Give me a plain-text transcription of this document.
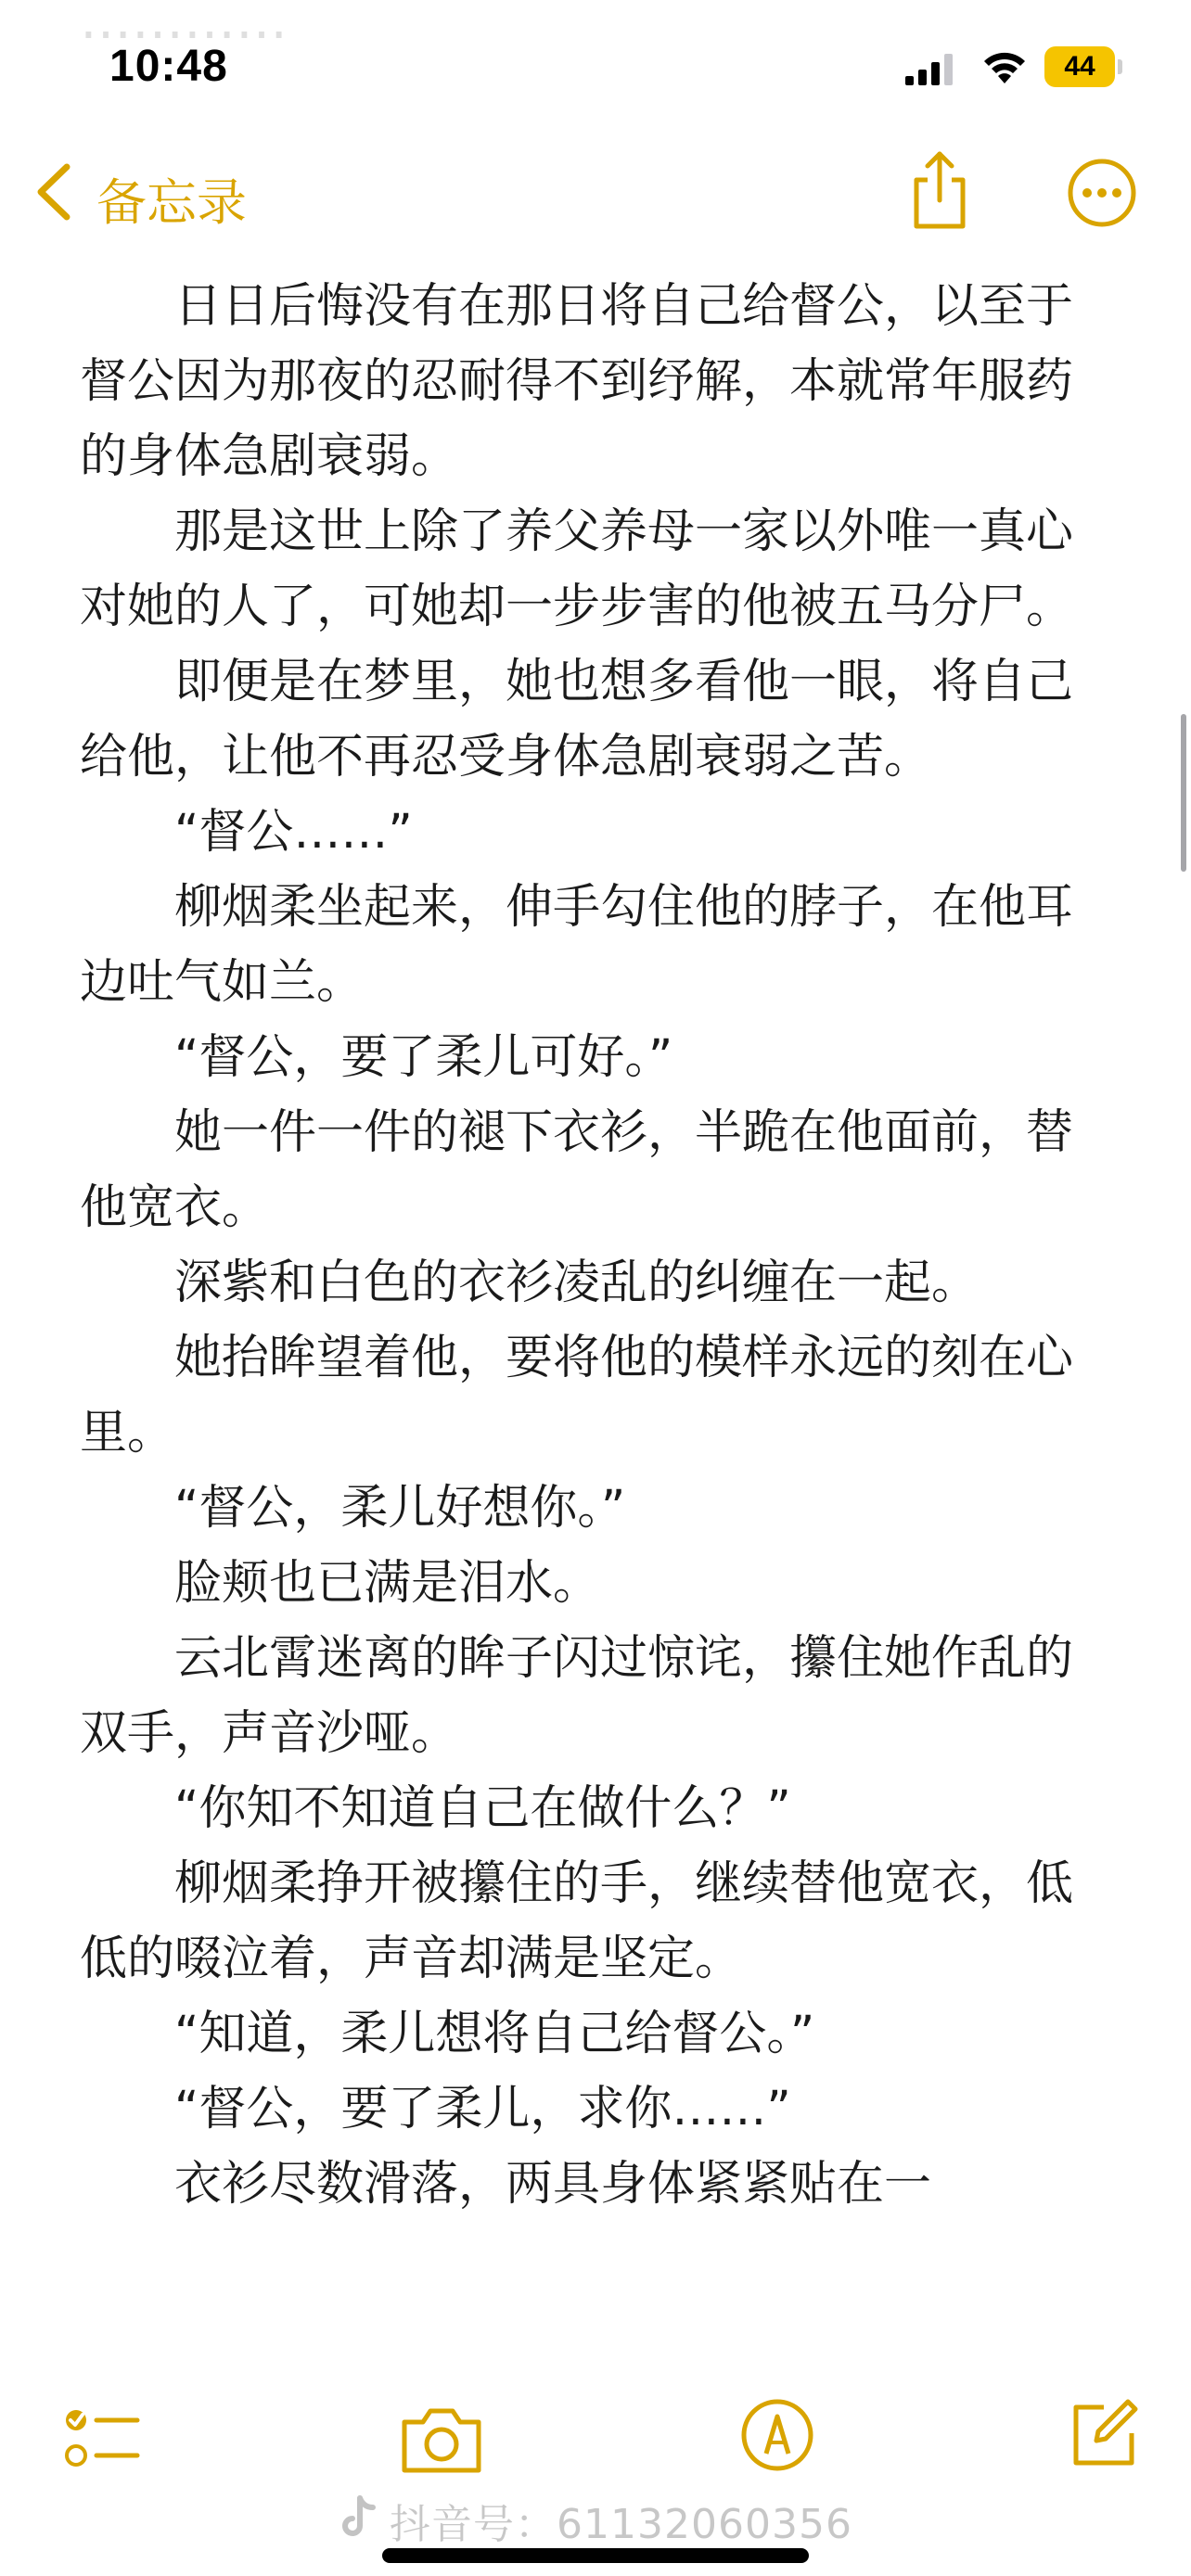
…………
10:48	44
备忘录

日日后悔没有在那日将自己给督公，以至于督公因为那夜的忍耐得不到纾解，本就常年服药的身体急剧衰弱。

那是这世上除了养父养母一家以外唯一真心对她的人了，可她却一步步害的他被五马分尸。

即便是在梦里，她也想多看他一眼，将自己给他，让他不再忍受身体急剧衰弱之苦。

“督公……”

柳烟柔坐起来，伸手勾住他的脖子，在他耳边吐气如兰。

“督公，要了柔儿可好。”

她一件一件的褪下衣衫，半跪在他面前，替他宽衣。

深紫和白色的衣衫凌乱的纠缠在一起。

她抬眸望着他，要将他的模样永远的刻在心里。

“督公，柔儿好想你。”

脸颊也已满是泪水。

云北霄迷离的眸子闪过惊诧，攥住她作乱的双手，声音沙哑。

“你知不知道自己在做什么？”

柳烟柔挣开被攥住的手，继续替他宽衣，低低的啜泣着，声音却满是坚定。

“知道，柔儿想将自己给督公。”

“督公，要了柔儿，求你……”

衣衫尽数滑落，两具身体紧紧贴在一

抖音号：61132060356
